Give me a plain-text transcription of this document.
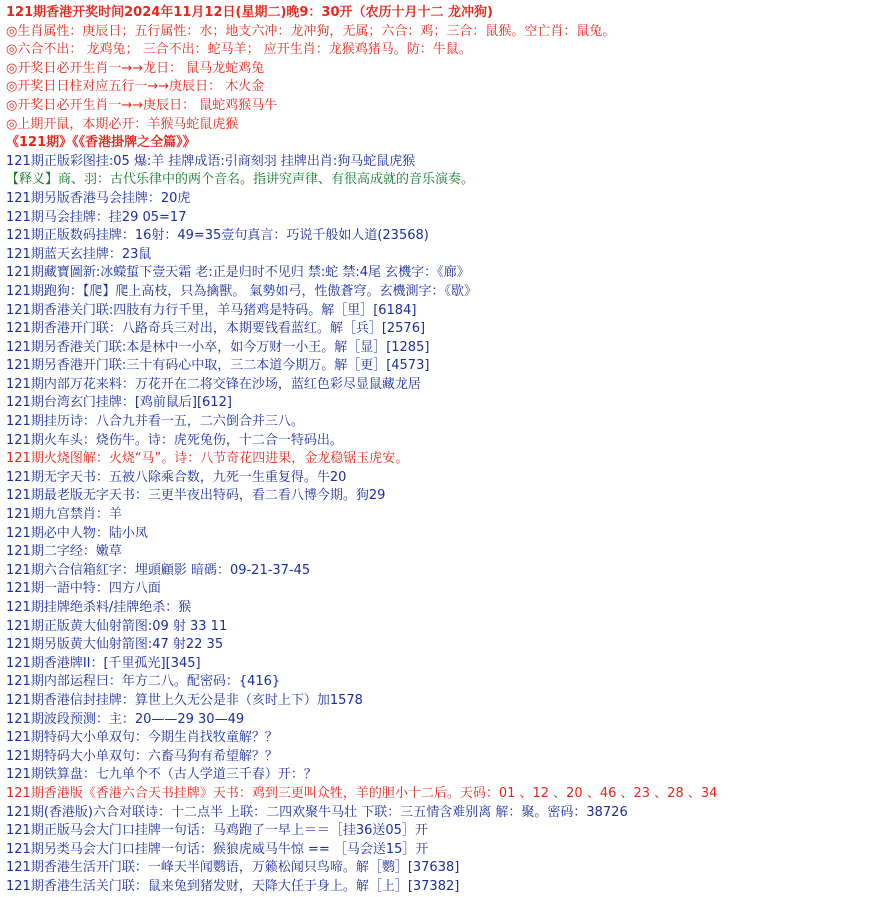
121期香港开奖时间2024年11月12日(星期二)晚9：30开（农历十月十二 龙冲狗)
◎生肖属性：庚辰日；五行属性：水；地支六冲：龙冲狗，无属；六合：鸡；三合：鼠猴。空亡肖：鼠兔。
◎六合不出： 龙鸡兔； 三合不出：蛇马羊； 应开生肖：龙猴鸡猪马。防：牛鼠。
◎开奖日必开生肖一→→龙日： 鼠马龙蛇鸡兔
◎开奖日日柱对应五行一→→庚辰日： 木火金
◎开奖日必开生肖一→→庚辰日： 鼠蛇鸡猴马牛
◎上期开鼠，本期必开：羊猴马蛇鼠虎猴
《121期》《《香港掛牌之全篇》》
121期正版彩图挂:05 爆:羊 挂牌成语:引商刻羽 挂牌出肖:狗马蛇鼠虎猴
【释义】商、羽：古代乐律中的两个音名。指讲究声律、有很高成就的音乐演奏。
121期另版香港马会挂牌：20虎
121期马会挂牌：挂29 05=17
121期正版数码挂牌：16射：49=35壹句真言：巧说千般如人道(23568)
121期蓝天玄挂牌：23鼠
121期藏寶圖新:冰蠑蜇下壹天霜 老:正是归时不见归 禁:蛇 禁:4尾 玄機字：《廊》
121期跑狗：【爬】爬上高枝，只為擒獸。 氣勢如弓，性傲蒼穹。玄機測字：《歇》
121期香港关门联:四肢有力行千里，羊马猪鸡是特码。解［里］[6184]
121期香港开门联：八路奇兵三对出，本期要钱看蓝红。解［兵］[2576]
121期另香港关门联:本是林中一小卒，如今万财一小王。解［显］[1285]
121期另香港开门联:三十有码心中取，三二本道今期万。解［更］[4573]
121期内部万花来料：万花开在二将交锋在沙场，蓝红色彩尽显鼠藏龙居
121期台湾玄门挂牌：[鸡前鼠后][612]
121期挂历诗：八合九并看一五，二六倒合并三八。
121期火车头：烧伤牛。诗：虎死兔伤，十二合一特码出。
121期火烧图解：火烧“马”。诗：八节奇花四进果，金龙稳锯玉虎安。
121期无字天书：五被八除乘合数，九死一生重复得。牛20
121期最老版无字天书：三更半夜出特码，看二看八博今期。狗29
121期九宫禁肖：羊
121期必中人物：陆小凤
121期二字经：嫩草
121期六合信箱紅字：埋頭顧影 暗碼：09-21-37-45
121期一語中特：四方八面
121期挂牌绝杀料/挂牌绝杀：猴
121期正版黄大仙射箭图:09 射 33 11
121期另版黄大仙射箭图:47 射22 35
121期香港牌II：[千里孤光][345]
121期内部运程曰：年方二八。配密码：{416}
121期香港信封挂牌：算世上久无公是非（亥时上下）加1578
121期波段预测：主：20——29 30—49
121期特码大小单双句：今期生肖找牧童解？？
121期特码大小单双句：六畜马狗有希望解？？
121期铁算盘：七九单个不（古人学道三千春）开：？
121期香港版《香港六合天书挂牌》天书：鸡到三更叫众牲，羊的胆小十二后。天码：01 、12 、20 、46 、23 、28 、34
121期(香港版)六合对联诗：十二点半 上联：二四欢聚牛马壮 下联：三五情含难别离 解：聚。密码：38726
121期正版马会大门口挂牌一句话：马鸡跑了一早上＝＝［挂36送05］开
121期另类马会大门口挂牌一句话：猴狼虎威马牛惊 == ［马会送15］开
121期香港生活开门联：一峰天半闻鹦语，万籁松闻只鸟啼。解［鹦］[37638]
121期香港生活关门联：鼠来兔到猪发财，天降大任于身上。解［上］[37382]
